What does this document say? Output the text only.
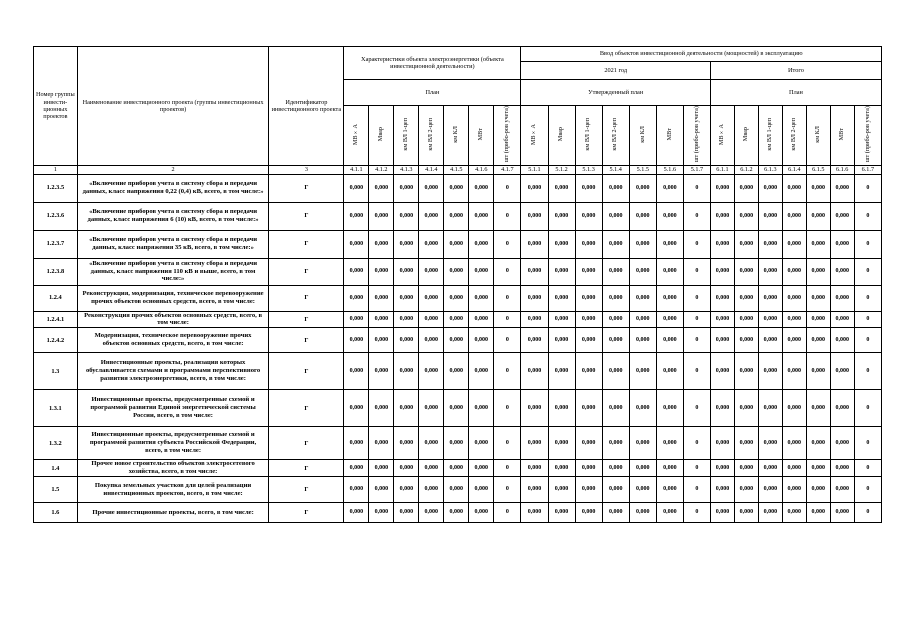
Номер группы инвести-ционных проектов	Наименование инвестиционного проекта (группы инвестиционных проектов)	Идентификатор инвестиционного проекта	Характеристики объекта электроэнергетики (объекта инвестиционной деятельности)							Ввод объектов инвестиционной деятельности (мощностей) в эксплуатацию													
										2021 год							Итого						
			План							Утвержденный план							План						
			МВ×А	Мвар	км ВЛ 1-цеп	км ВЛ 2-цеп	км КЛ	МВт	шт (прибо-ров учета)	МВ×А	Мвар	км ВЛ 1-цеп	км ВЛ 2-цеп	км КЛ	МВт	шт (прибо-ров учета)	МВ×А	Мвар	км ВЛ 1-цеп	км ВЛ 2-цеп	км КЛ	МВт	шт (прибо-ров учета)
1	2	3	4.1.1	4.1.2	4.1.3	4.1.4	4.1.5	4.1.6	4.1.7	5.1.1	5.1.2	5.1.3	5.1.4	5.1.5	5.1.6	5.1.7	6.1.1	6.1.2	6.1.3	6.1.4	6.1.5	6.1.6	6.1.7
1.2.3.5	«Включение приборов учета в систему сбора и передачи данных, класс напряжения 0,22 (0,4) кВ, всего, в том числе:»	Г	0,000	0,000	0,000	0,000	0,000	0,000	0	0,000	0,000	0,000	0,000	0,000	0,000	0	0,000	0,000	0,000	0,000	0,000	0,000	0
1.2.3.6	«Включение приборов учета в систему сбора и передачи данных, класс напряжения 6 (10) кВ, всего, в том числе:»	Г	0,000	0,000	0,000	0,000	0,000	0,000	0	0,000	0,000	0,000	0,000	0,000	0,000	0	0,000	0,000	0,000	0,000	0,000	0,000	0
1.2.3.7	«Включение приборов учета в систему сбора и передачи данных, класс напряжения 35 кВ, всего, в том числе:»	Г	0,000	0,000	0,000	0,000	0,000	0,000	0	0,000	0,000	0,000	0,000	0,000	0,000	0	0,000	0,000	0,000	0,000	0,000	0,000	0
1.2.3.8	«Включение приборов учета в систему сбора и передачи данных, класс напряжения 110 кВ и выше, всего, в том числе:»	Г	0,000	0,000	0,000	0,000	0,000	0,000	0	0,000	0,000	0,000	0,000	0,000	0,000	0	0,000	0,000	0,000	0,000	0,000	0,000	0
1.2.4	Реконструкция, модернизация, техническое перевооружение прочих объектов основных средств, всего, в том числе:	Г	0,000	0,000	0,000	0,000	0,000	0,000	0	0,000	0,000	0,000	0,000	0,000	0,000	0	0,000	0,000	0,000	0,000	0,000	0,000	0
1.2.4.1	Реконструкция прочих объектов основных средств, всего, в том числе:	Г	0,000	0,000	0,000	0,000	0,000	0,000	0	0,000	0,000	0,000	0,000	0,000	0,000	0	0,000	0,000	0,000	0,000	0,000	0,000	0
1.2.4.2	Модернизация, техническое перевооружение прочих объектов основных средств, всего, в том числе:	Г	0,000	0,000	0,000	0,000	0,000	0,000	0	0,000	0,000	0,000	0,000	0,000	0,000	0	0,000	0,000	0,000	0,000	0,000	0,000	0
1.3	Инвестиционные проекты, реализация которых обуславливается схемами и программами перспективного развития электроэнергетики, всего, в том числе:	Г	0,000	0,000	0,000	0,000	0,000	0,000	0	0,000	0,000	0,000	0,000	0,000	0,000	0	0,000	0,000	0,000	0,000	0,000	0,000	0
1.3.1	Инвестиционные проекты, предусмотренные схемой и программой развития Единой энергетической системы России, всего, в том числе:	Г	0,000	0,000	0,000	0,000	0,000	0,000	0	0,000	0,000	0,000	0,000	0,000	0,000	0	0,000	0,000	0,000	0,000	0,000	0,000	0
1.3.2	Инвестиционные проекты, предусмотренные схемой и программой развития субъекта Российской Федерации, всего, в том числе:	Г	0,000	0,000	0,000	0,000	0,000	0,000	0	0,000	0,000	0,000	0,000	0,000	0,000	0	0,000	0,000	0,000	0,000	0,000	0,000	0
1.4	Прочее новое строительство объектов электросетевого хозяйства, всего, в том числе:	Г	0,000	0,000	0,000	0,000	0,000	0,000	0	0,000	0,000	0,000	0,000	0,000	0,000	0	0,000	0,000	0,000	0,000	0,000	0,000	0
1.5	Покупка земельных участков для целей реализации инвестиционных проектов, всего, в том числе:	Г	0,000	0,000	0,000	0,000	0,000	0,000	0	0,000	0,000	0,000	0,000	0,000	0,000	0	0,000	0,000	0,000	0,000	0,000	0,000	0
1.6	Прочие инвестиционные проекты, всего, в том числе:	Г	0,000	0,000	0,000	0,000	0,000	0,000	0	0,000	0,000	0,000	0,000	0,000	0,000	0	0,000	0,000	0,000	0,000	0,000	0,000	0
